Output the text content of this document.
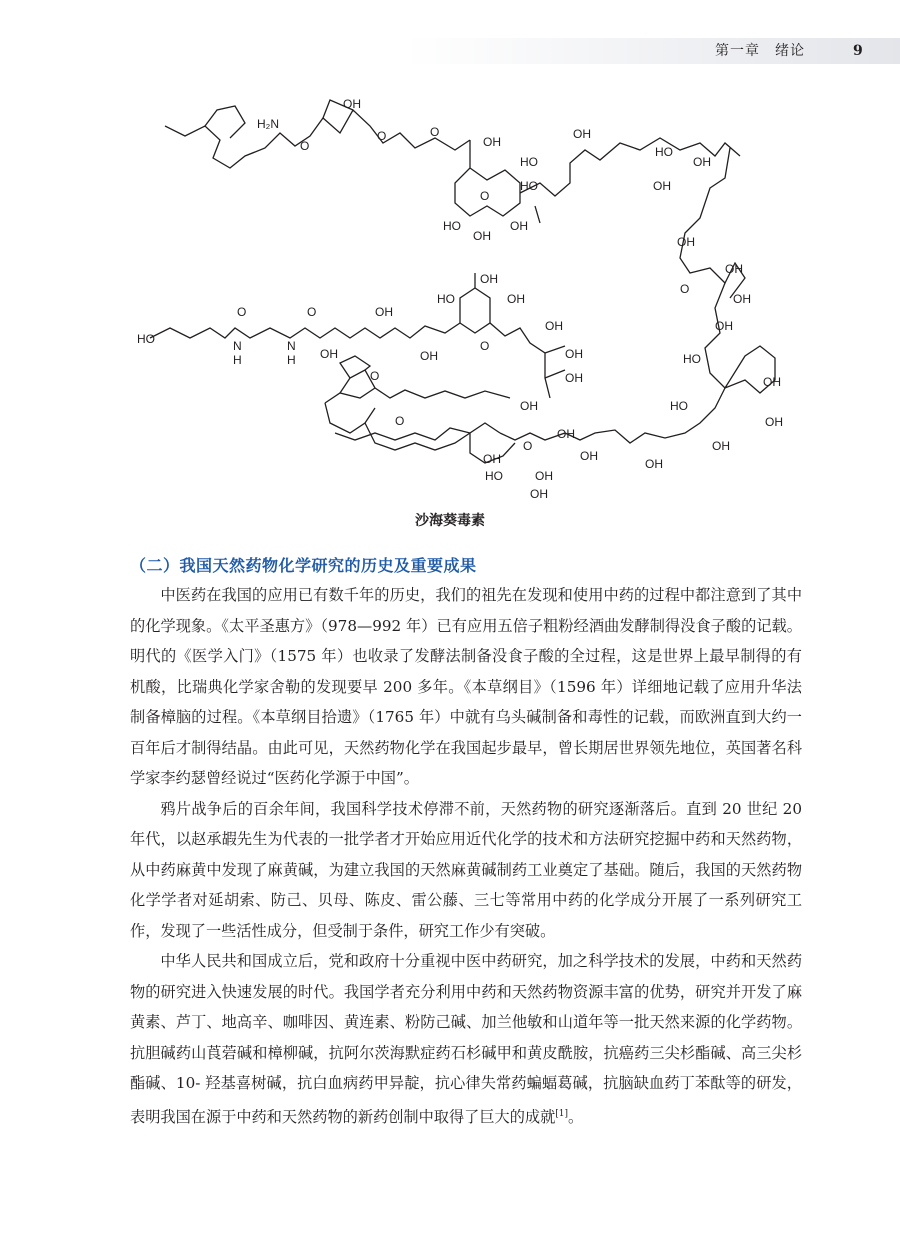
第一章　绪论	9
H₂N
OH
O
O	O
OH
OH
HO
HO
HO
OH
OH
O
HO	OH
OH	OH
OH
OH
O
OH
HO
OH
OH
HO
OH
OH
OH
HO	OH
OH
O
OH
OH
HO	N
H
O
N
H
O
OH
OH
OH
HO
OH
OH
O
OH
OH
OH
OH
O
O
沙海葵毒素
（二）我国天然药物化学研究的历史及重要成果

中医药在我国的应用已有数千年的历史，我们的祖先在发现和使用中药的过程中都注意到了其中的化学现象。《太平圣惠方》（978—992 年）已有应用五倍子粗粉经酒曲发酵制得没食子酸的记载。明代的《医学入门》（1575 年）也收录了发酵法制备没食子酸的全过程，这是世界上最早制得的有机酸，比瑞典化学家舍勒的发现要早 200 多年。《本草纲目》（1596 年）详细地记载了应用升华法制备樟脑的过程。《本草纲目拾遗》（1765 年）中就有乌头碱制备和毒性的记载，而欧洲直到大约一百年后才制得结晶。由此可见，天然药物化学在我国起步最早，曾长期居世界领先地位，英国著名科学家李约瑟曾经说过“医药化学源于中国”。

鸦片战争后的百余年间，我国科学技术停滞不前，天然药物的研究逐渐落后。直到 20 世纪 20 年代，以赵承嘏先生为代表的一批学者才开始应用近代化学的技术和方法研究挖掘中药和天然药物，从中药麻黄中发现了麻黄碱，为建立我国的天然麻黄碱制药工业奠定了基础。随后，我国的天然药物化学学者对延胡索、防己、贝母、陈皮、雷公藤、三七等常用中药的化学成分开展了一系列研究工作，发现了一些活性成分，但受制于条件，研究工作少有突破。

中华人民共和国成立后，党和政府十分重视中医中药研究，加之科学技术的发展，中药和天然药物的研究进入快速发展的时代。我国学者充分利用中药和天然药物资源丰富的优势，研究并开发了麻黄素、芦丁、地高辛、咖啡因、黄连素、粉防己碱、加兰他敏和山道年等一批天然来源的化学药物。抗胆碱药山莨菪碱和樟柳碱，抗阿尔茨海默症药石杉碱甲和黄皮酰胺，抗癌药三尖杉酯碱、高三尖杉酯碱、10- 羟基喜树碱，抗白血病药甲异靛，抗心律失常药蝙蝠葛碱，抗脑缺血药丁苯酞等的研发，表明我国在源于中药和天然药物的新药创制中取得了巨大的成就[1]。
